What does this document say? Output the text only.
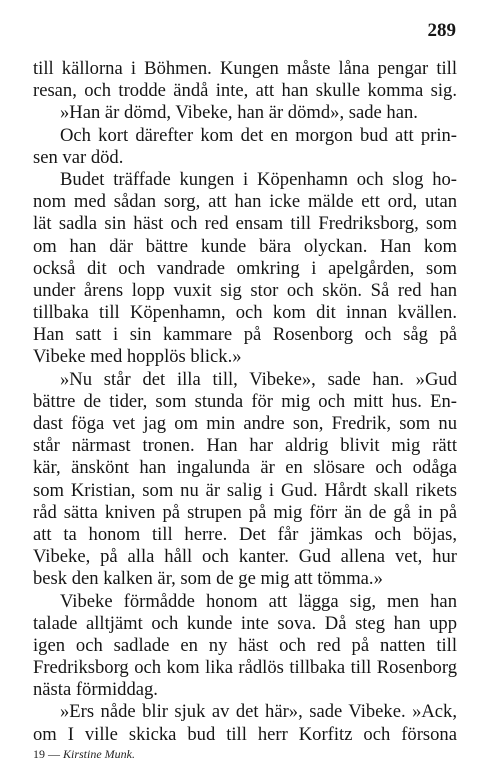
289
till källorna i Böhmen. Kungen måste låna pengar till
resan, och trodde ändå inte, att han skulle komma sig.
»Han är dömd, Vibeke, han är dömd», sade han.
Och kort därefter kom det en morgon bud att prin-
sen var död.
Budet träffade kungen i Köpenhamn och slog ho-
nom med sådan sorg, att han icke mälde ett ord, utan
lät sadla sin häst och red ensam till Fredriksborg, som
om han där bättre kunde bära olyckan. Han kom
också dit och vandrade omkring i apelgården, som
under årens lopp vuxit sig stor och skön. Så red han
tillbaka till Köpenhamn, och kom dit innan kvällen.
Han satt i sin kammare på Rosenborg och såg på
Vibeke med hopplös blick.»
»Nu står det illa till, Vibeke», sade han. »Gud
bättre de tider, som stunda för mig och mitt hus. En-
dast föga vet jag om min andre son, Fredrik, som nu
står närmast tronen. Han har aldrig blivit mig rätt
kär, änskönt han ingalunda är en slösare och odåga
som Kristian, som nu är salig i Gud. Hårdt skall rikets
råd sätta kniven på strupen på mig förr än de gå in på
att ta honom till herre. Det får jämkas och böjas,
Vibeke, på alla håll och kanter. Gud allena vet, hur
besk den kalken är, som de ge mig att tömma.»
Vibeke förmådde honom att lägga sig, men han
talade alltjämt och kunde inte sova. Då steg han upp
igen och sadlade en ny häst och red på natten till
Fredriksborg och kom lika rådlös tillbaka till Rosenborg
nästa förmiddag.
»Ers nåde blir sjuk av det här», sade Vibeke. »Ack,
om I ville skicka bud till herr Korfitz och försona
19 — Kirstine Munk.
